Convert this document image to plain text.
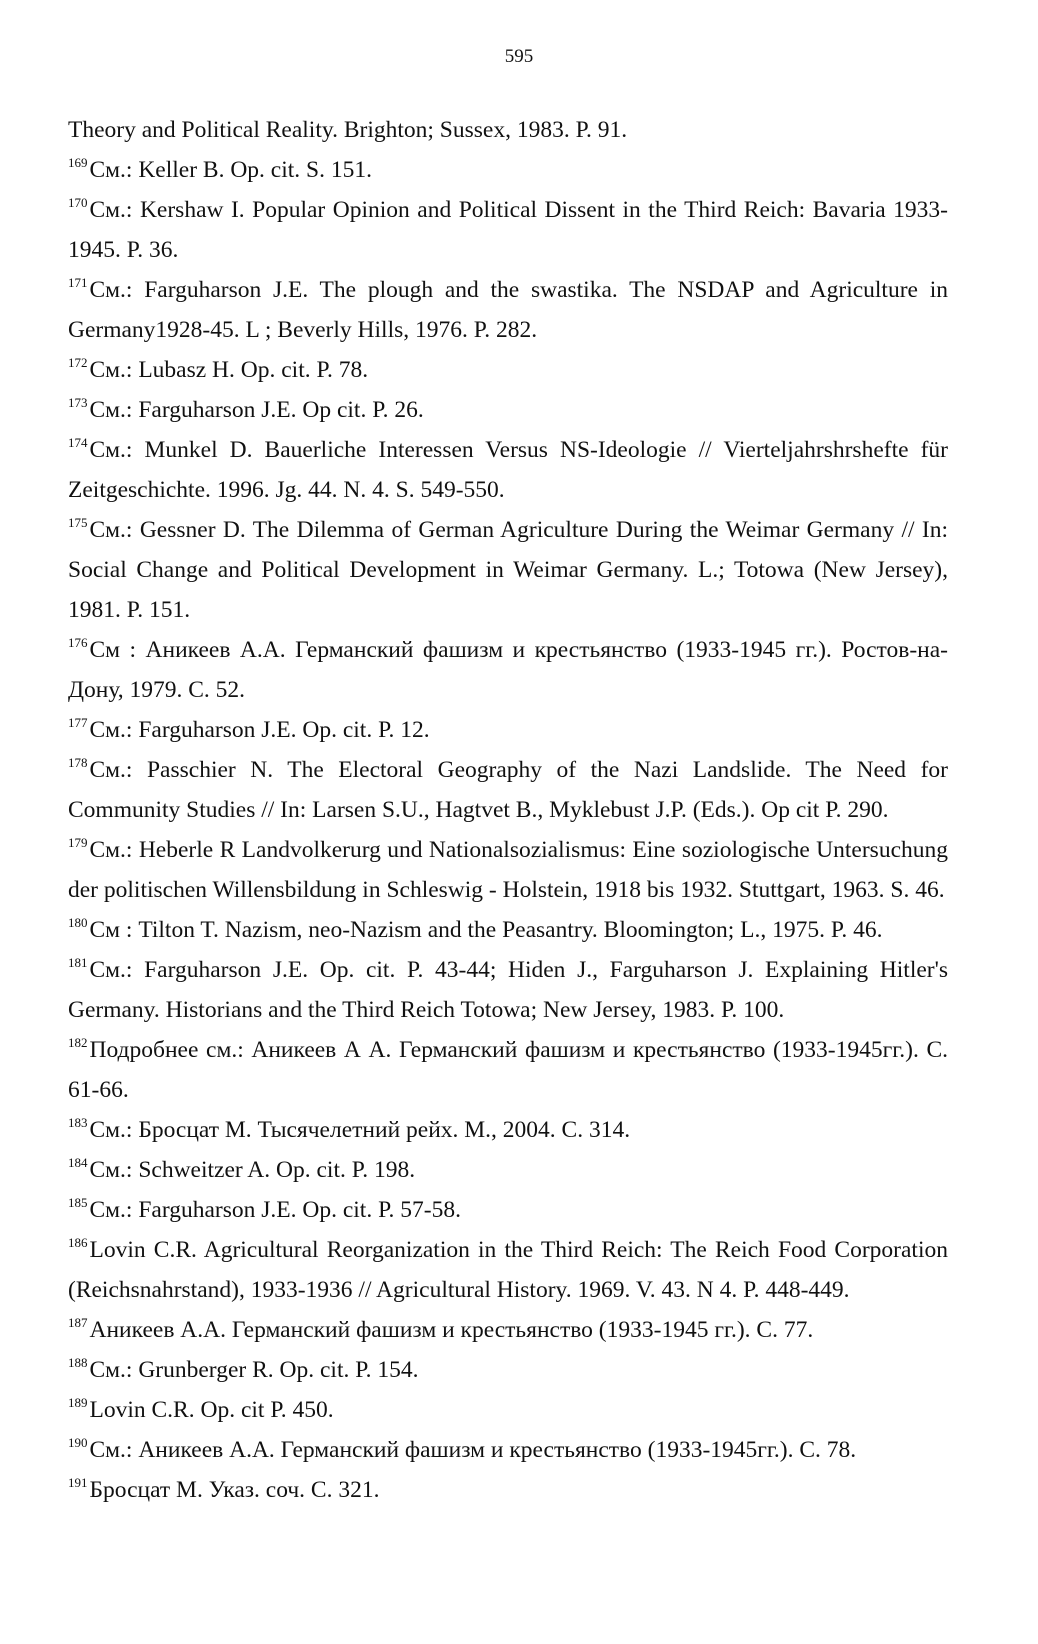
595

Theory and Political Reality. Brighton; Sussex, 1983. P. 91.

$^{169}$См.: Keller B. Op. cit. S. 151.

$^{170}$См.: Kershaw I. Popular Opinion and Political Dissent in the Third Reich: Bavaria 1933-1945. P. 36.

$^{171}$См.: Farguharson J.E. The plough and the swastika. The NSDAP and Agriculture in Germany1928-45. L ; Beverly Hills, 1976. P. 282.

$^{172}$См.: Lubasz H. Op. cit. P. 78.

$^{173}$См.: Farguharson J.E. Op cit. P. 26.

$^{174}$См.: Munkel D. Bauerliche Interessen Versus NS-Ideologie // Vierteljahrshrshefte für Zeitgeschichte. 1996. Jg. 44. N. 4. S. 549-550.

$^{175}$См.: Gessner D. The Dilemma of German Agriculture During the Weimar Germany // In: Social Change and Political Development in Weimar Germany. L.; Totowa (New Jersey), 1981. P. 151.

$^{176}$См : Аникеев А.А. Германский фашизм и крестьянство (1933-1945 гг.). Ростов-на-Дону, 1979. С. 52.

$^{177}$См.: Farguharson J.E. Op. cit. P. 12.

$^{178}$См.: Passchier N. The Electoral Geography of the Nazi Landslide. The Need for Community Studies // In: Larsen S.U., Hagtvet B., Myklebust J.P. (Eds.). Op cit P. 290.

$^{179}$См.: Heberle R Landvolkerurg und Nationalsozialismus: Eine soziologische Untersuchung der politischen Willensbildung in Schleswig - Holstein, 1918 bis 1932. Stuttgart, 1963. S. 46.

$^{180}$См : Tilton T. Nazism, neo-Nazism and the Peasantry. Bloomington; L., 1975. P. 46.

$^{181}$См.: Farguharson J.E. Op. cit. P. 43-44; Hiden J., Farguharson J. Explaining Hitler's Germany. Historians and the Third Reich Totowa; New Jersey, 1983. P. 100.

$^{182}$Подробнее см.: Аникеев А А. Германский фашизм и крестьянство (1933-1945гг.). С. 61-66.

$^{183}$См.: Бросцат М. Тысячелетний рейх. М., 2004. С. 314.

$^{184}$См.: Schweitzer A. Op. cit. P. 198.

$^{185}$См.: Farguharson J.E. Op. cit. P. 57-58.

$^{186}$Lovin C.R. Agricultural Reorganization in the Third Reich: The Reich Food Corporation (Reichsnahrstand), 1933-1936 // Agricultural History. 1969. V. 43. N 4. P. 448-449.

$^{187}$Аникеев А.А. Германский фашизм и крестьянство (1933-1945 гг.). С. 77.

$^{188}$См.: Grunberger R. Op. cit. P. 154.

$^{189}$Lovin C.R. Op. cit P. 450.

$^{190}$См.: Аникеев А.А. Германский фашизм и крестьянство (1933-1945гг.). С. 78.

$^{191}$Бросцат М. Указ. соч. С. 321.
